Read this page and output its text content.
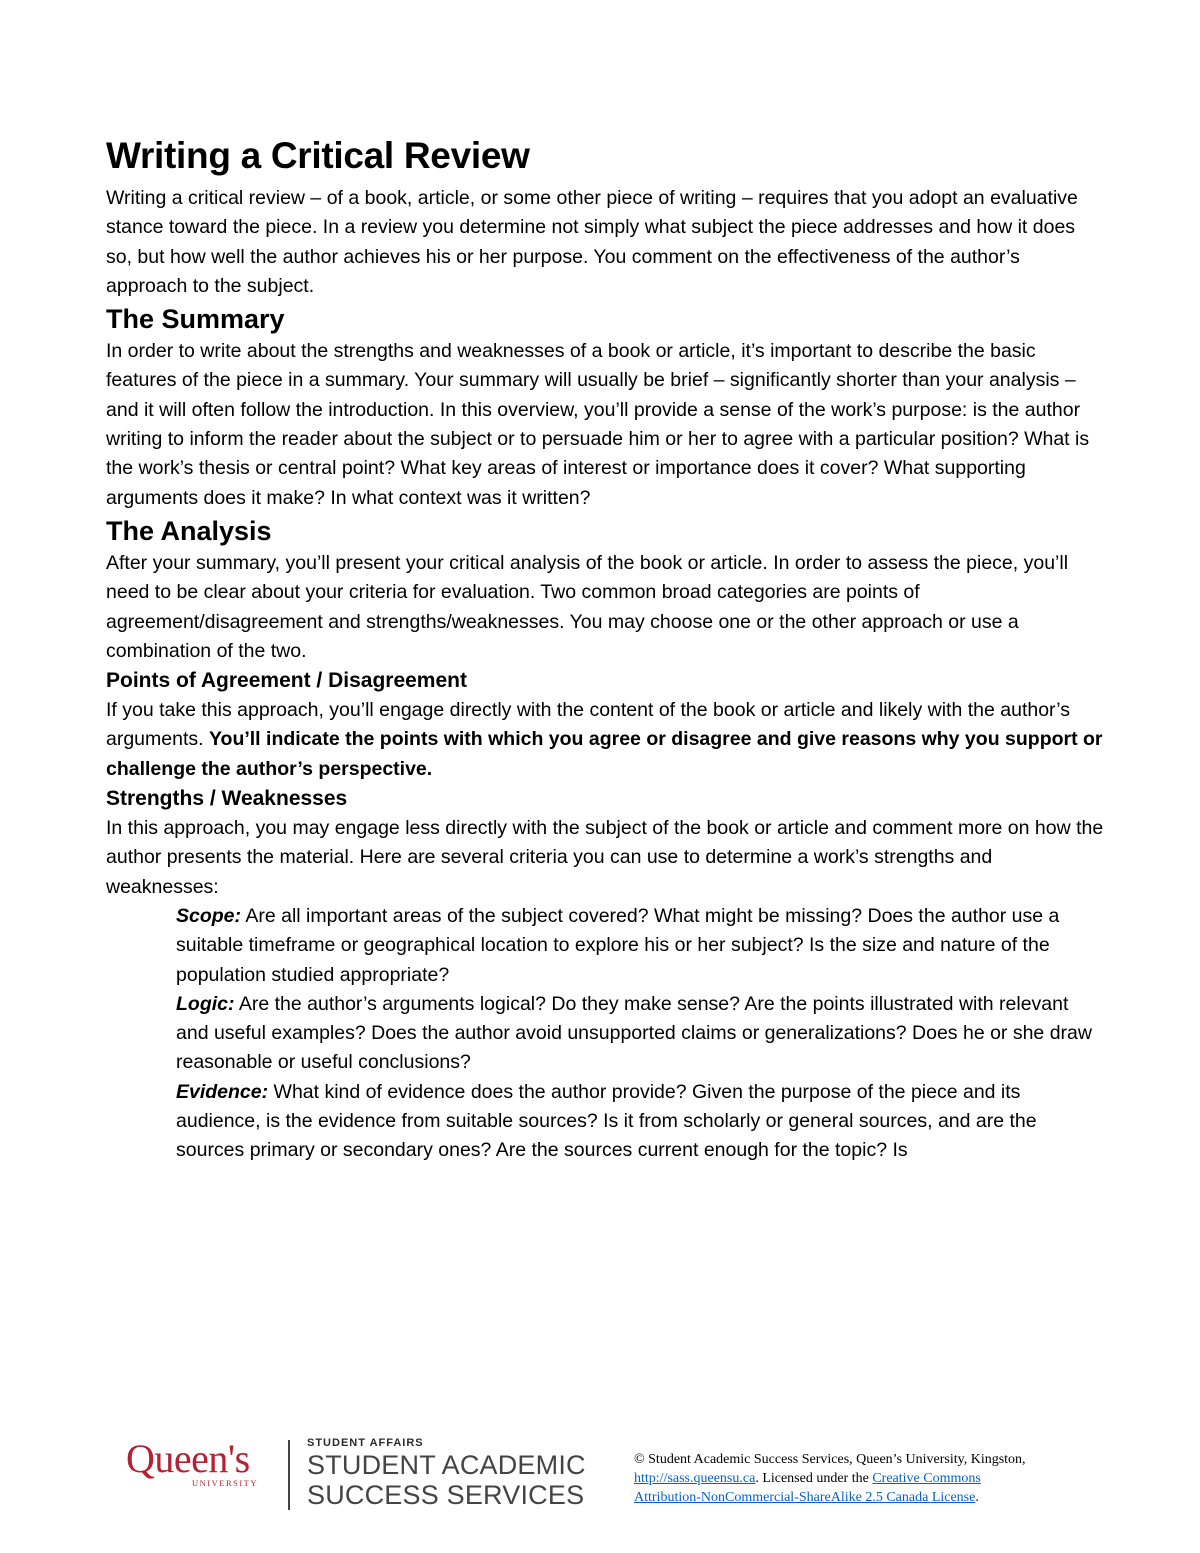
Writing a Critical Review

Writing a critical review – of a book, article, or some other piece of writing – requires that you adopt an evaluative stance toward the piece. In a review you determine not simply what subject the piece addresses and how it does so, but how well the author achieves his or her purpose. You comment on the effectiveness of the author’s approach to the subject.

The Summary

In order to write about the strengths and weaknesses of a book or article, it’s important to describe the basic features of the piece in a summary. Your summary will usually be brief – significantly shorter than your analysis – and it will often follow the introduction. In this overview, you’ll provide a sense of the work’s purpose: is the author writing to inform the reader about the subject or to persuade him or her to agree with a particular position? What is the work’s thesis or central point? What key areas of interest or importance does it cover? What supporting arguments does it make? In what context was it written?

The Analysis

After your summary, you’ll present your critical analysis of the book or article. In order to assess the piece, you’ll need to be clear about your criteria for evaluation. Two common broad categories are points of agreement/disagreement and strengths/weaknesses. You may choose one or the other approach or use a combination of the two.

Points of Agreement / Disagreement

If you take this approach, you’ll engage directly with the content of the book or article and likely with the author’s arguments. You’ll indicate the points with which you agree or disagree and give reasons why you support or challenge the author’s perspective.

Strengths / Weaknesses

In this approach, you may engage less directly with the subject of the book or article and comment more on how the author presents the material. Here are several criteria you can use to determine a work’s strengths and weaknesses:

Scope: Are all important areas of the subject covered? What might be missing? Does the author use a suitable timeframe or geographical location to explore his or her subject? Is the size and nature of the population studied appropriate?

Logic: Are the author’s arguments logical? Do they make sense? Are the points illustrated with relevant and useful examples? Does the author avoid unsupported claims or generalizations? Does he or she draw reasonable or useful conclusions?

Evidence: What kind of evidence does the author provide? Given the purpose of the piece and its audience, is the evidence from suitable sources? Is it from scholarly or general sources, and are the sources primary or secondary ones? Are the sources current enough for the topic? Is

Queen's
UNIVERSITY
STUDENT AFFAIRS
STUDENT ACADEMIC
SUCCESS SERVICES
© Student Academic Success Services, Queen’s University, Kingston,
http://sass.queensu.ca. Licensed under the Creative Commons
Attribution-NonCommercial-ShareAlike 2.5 Canada License.
